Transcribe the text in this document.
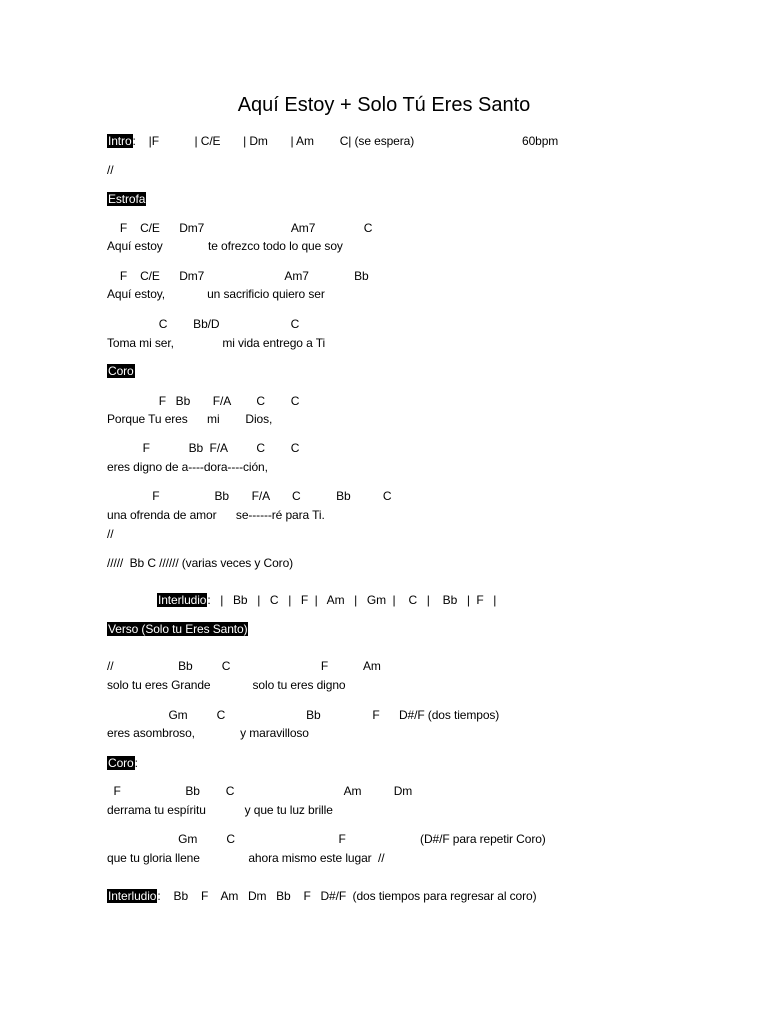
Aquí Estoy + Solo Tú Eres Santo
Intro:    |F           | C/E       | Dm       | Am        C| (se espera)	60bpm
//
Estrofa
F    C/E      Dm7                           Am7               C
Aquí estoy              te ofrezco todo lo que soy
F    C/E      Dm7                         Am7              Bb
Aquí estoy,             un sacrificio quiero ser
C        Bb/D                      C
Toma mi ser,               mi vida entrego a Ti
Coro
F   Bb       F/A        C        C
Porque Tu eres      mi        Dios,
F            Bb  F/A         C        C
eres digno de a----dora----ción,
F                 Bb       F/A       C           Bb          C
una ofrenda de amor      se------ré para Ti.
//
/////  Bb C ////// (varias veces y Coro)
Interludio:   |   Bb   |   C   |   F  |   Am   |   Gm  |    C   |    Bb   |  F   |
Verso (Solo tu Eres Santo)
//                    Bb         C                            F           Am
solo tu eres Grande             solo tu eres digno
Gm         C                         Bb                F      D#/F (dos tiempos)
eres asombroso,              y maravilloso
Coro:
F                    Bb        C                                  Am          Dm
derrama tu espíritu            y que tu luz brille
Gm         C                                F                       (D#/F para repetir Coro)
que tu gloria llene               ahora mismo este lugar  //
Interludio:    Bb    F    Am   Dm   Bb    F   D#/F  (dos tiempos para regresar al coro)
